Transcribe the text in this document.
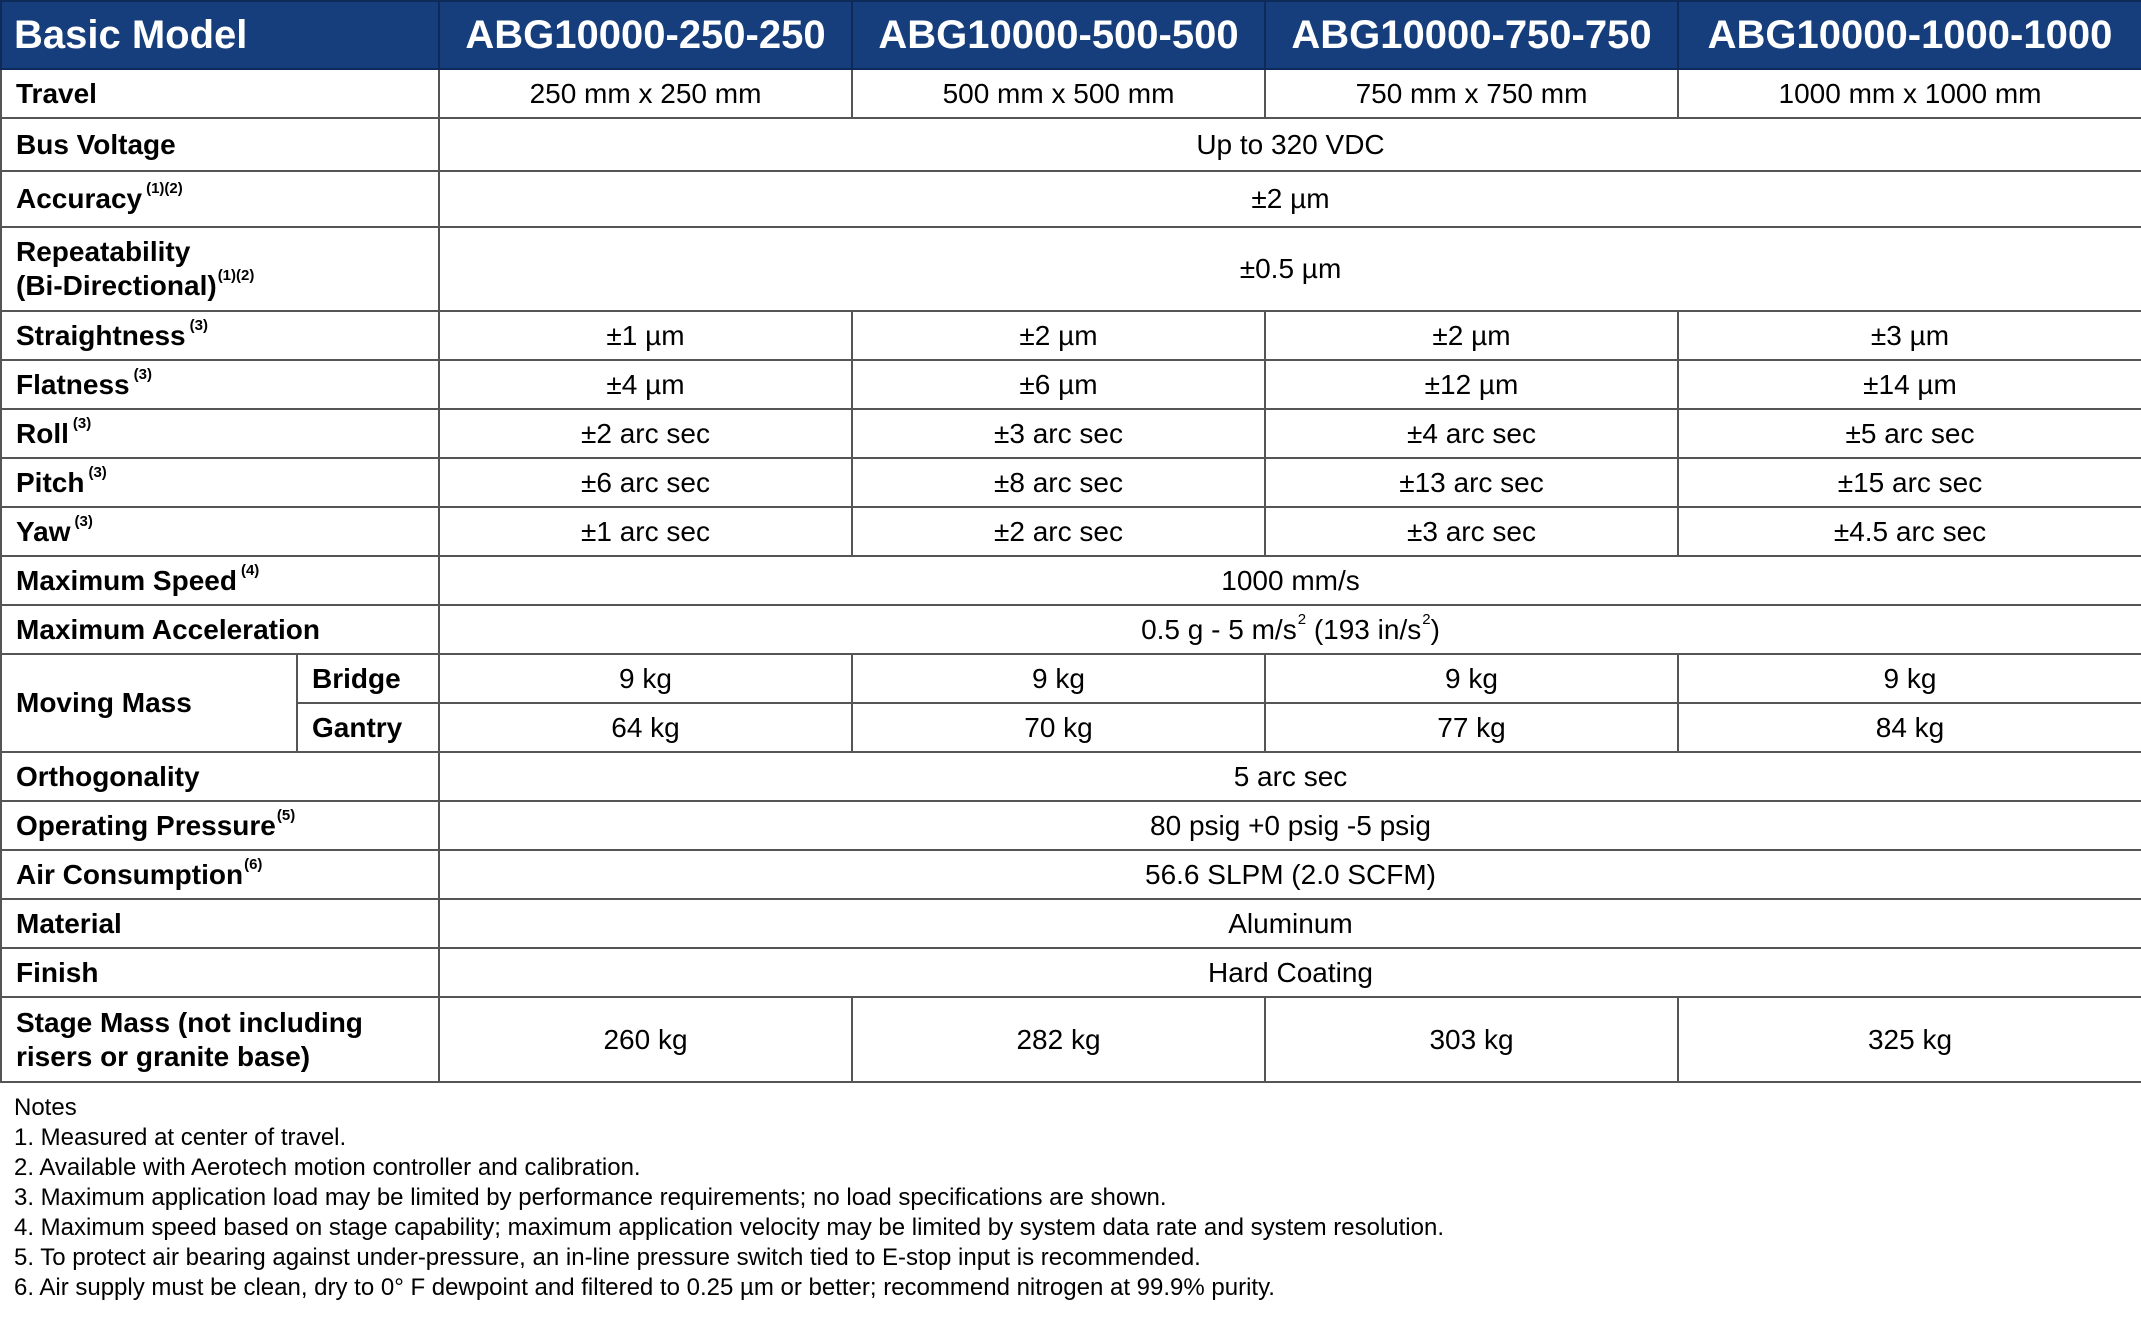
Basic Model		ABG10000-250-250	ABG10000-500-500	ABG10000-750-750	ABG10000-1000-1000
Travel		250 mm x 250 mm	500 mm x 500 mm	750 mm x 750 mm	1000 mm x 1000 mm
Bus Voltage		Up to 320 VDC			
Accuracy $^{(1)(2)}$		±2 µm			
Repeatability
(Bi-Directional)$^{(1)(2)}$		±0.5 µm			
Straightness $^{(3)}$		±1 µm	±2 µm	±2 µm	±3 µm
Flatness $^{(3)}$		±4 µm	±6 µm	±12 µm	±14 µm
Roll $^{(3)}$		±2 arc sec	±3 arc sec	±4 arc sec	±5 arc sec
Pitch $^{(3)}$		±6 arc sec	±8 arc sec	±13 arc sec	±15 arc sec
Yaw $^{(3)}$		±1 arc sec	±2 arc sec	±3 arc sec	±4.5 arc sec
Maximum Speed $^{(4)}$		1000 mm/s			
Maximum Acceleration		0.5 g - 5 $m/s^2$ (193 $in/s^2$)			
Moving Mass	Bridge	9 kg	9 kg	9 kg	9 kg
	Gantry	64 kg	70 kg	77 kg	84 kg
Orthogonality		5 arc sec			
Operating Pressure$^{(5)}$		80 psig +0 psig -5 psig			
Air Consumption$^{(6)}$		56.6 SLPM (2.0 SCFM)			
Material		Aluminum			
Finish		Hard Coating			
Stage Mass (not including
risers or granite base)		260 kg	282 kg	303 kg	325 kg
Notes
1. Measured at center of travel.
2. Available with Aerotech motion controller and calibration.
3. Maximum application load may be limited by performance requirements; no load specifications are shown.
4. Maximum speed based on stage capability; maximum application velocity may be limited by system data rate and system resolution.
5. To protect air bearing against under-pressure, an in-line pressure switch tied to E-stop input is recommended.
6. Air supply must be clean, dry to 0° F dewpoint and filtered to 0.25 µm or better; recommend nitrogen at 99.9% purity.
